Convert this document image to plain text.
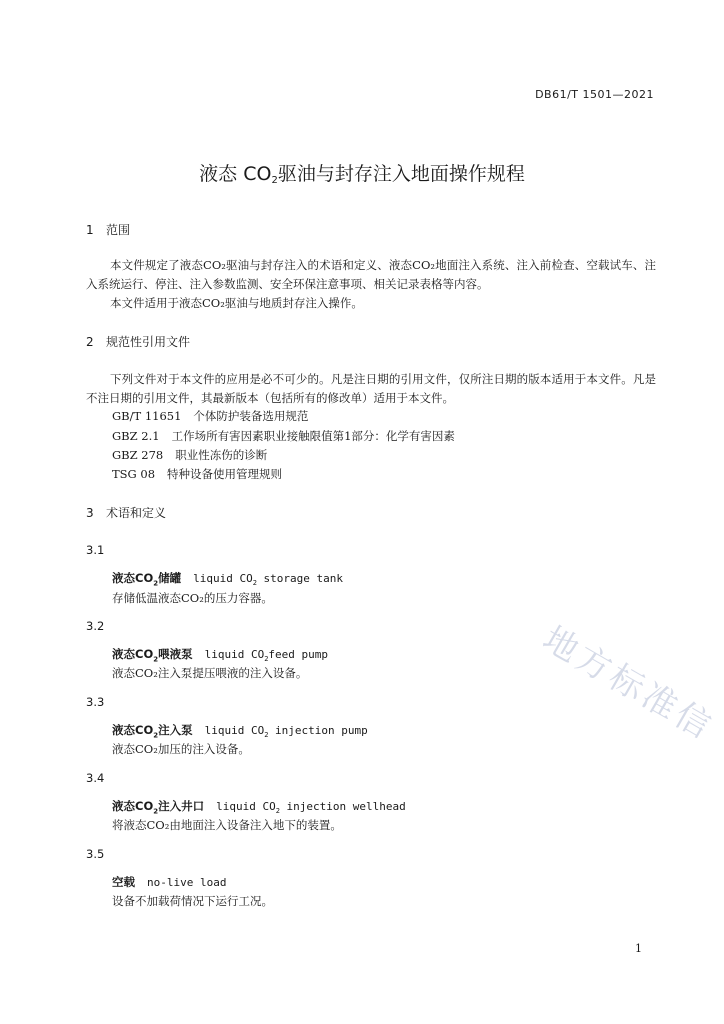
DB61/T 1501—2021
液态 $CO_2$驱油与封存注入地面操作规程
1 范围
本文件规定了液态CO₂驱油与封存注入的术语和定义、液态CO₂地面注入系统、注入前检查、空载试车、注入系统运行、停注、注入参数监测、安全环保注意事项、相关记录表格等内容。
本文件适用于液态CO₂驱油与地质封存注入操作。
2 规范性引用文件
下列文件对于本文件的应用是必不可少的。凡是注日期的引用文件，仅所注日期的版本适用于本文件。凡是不注日期的引用文件，其最新版本（包括所有的修改单）适用于本文件。
GB/T 11651 个体防护装备选用规范
GBZ 2.1 工作场所有害因素职业接触限值第1部分：化学有害因素
GBZ 278 职业性冻伤的诊断
TSG 08 特种设备使用管理规则
3 术语和定义
3.1
液态$CO_2$储罐 liquid $CO_2$ storage tank
存储低温液态CO₂的压力容器。
3.2
液态$CO_2$喂液泵 liquid $CO_2feed$ pump
液态CO₂注入泵提压喂液的注入设备。
3.3
液态$CO_2$注入泵 liquid $CO_2$ injection pump
液态CO₂加压的注入设备。
3.4
液态$CO_2$注入井口 liquid $CO_2$ injection wellhead
将液态CO₂由地面注入设备注入地下的装置。
3.5
空载 no-live load
设备不加载荷情况下运行工况。
地方标准信
1
